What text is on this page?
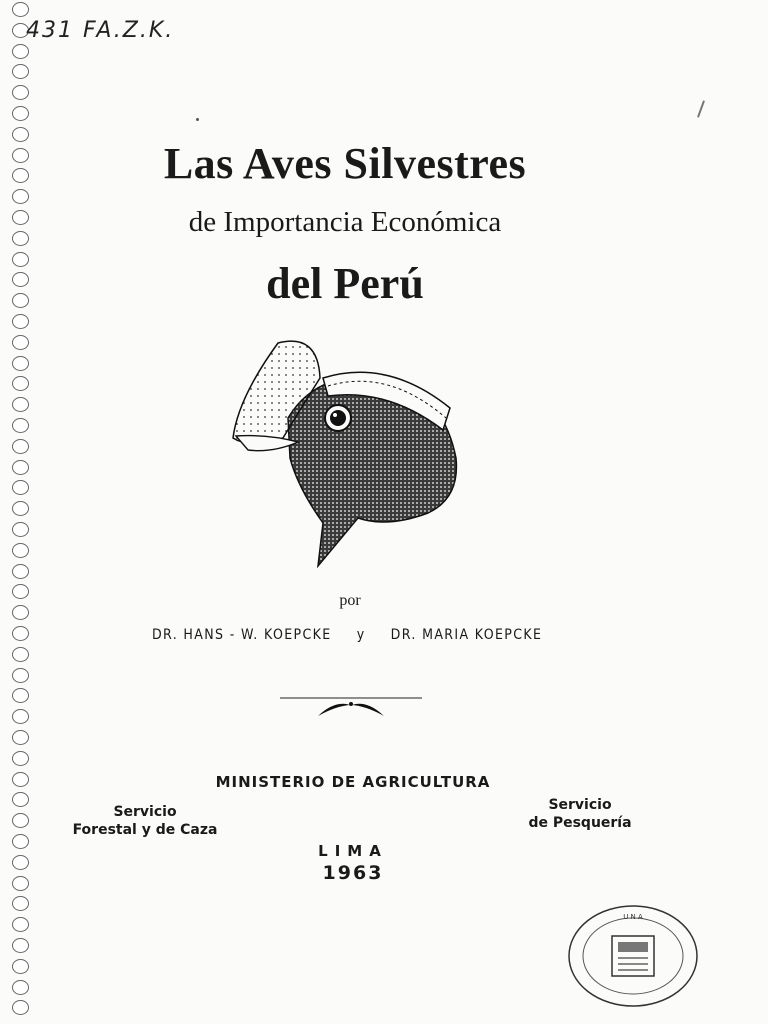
431 FA.Z.K.
Las Aves Silvestres
de Importancia Económica
del Perú
por
DR. HANS - W. KOEPCKE y DR. MARIA KOEPCKE
MINISTERIO DE AGRICULTURA
Servicio
Forestal y de Caza
Servicio
de Pesquería
LIMA
1963
U N A
